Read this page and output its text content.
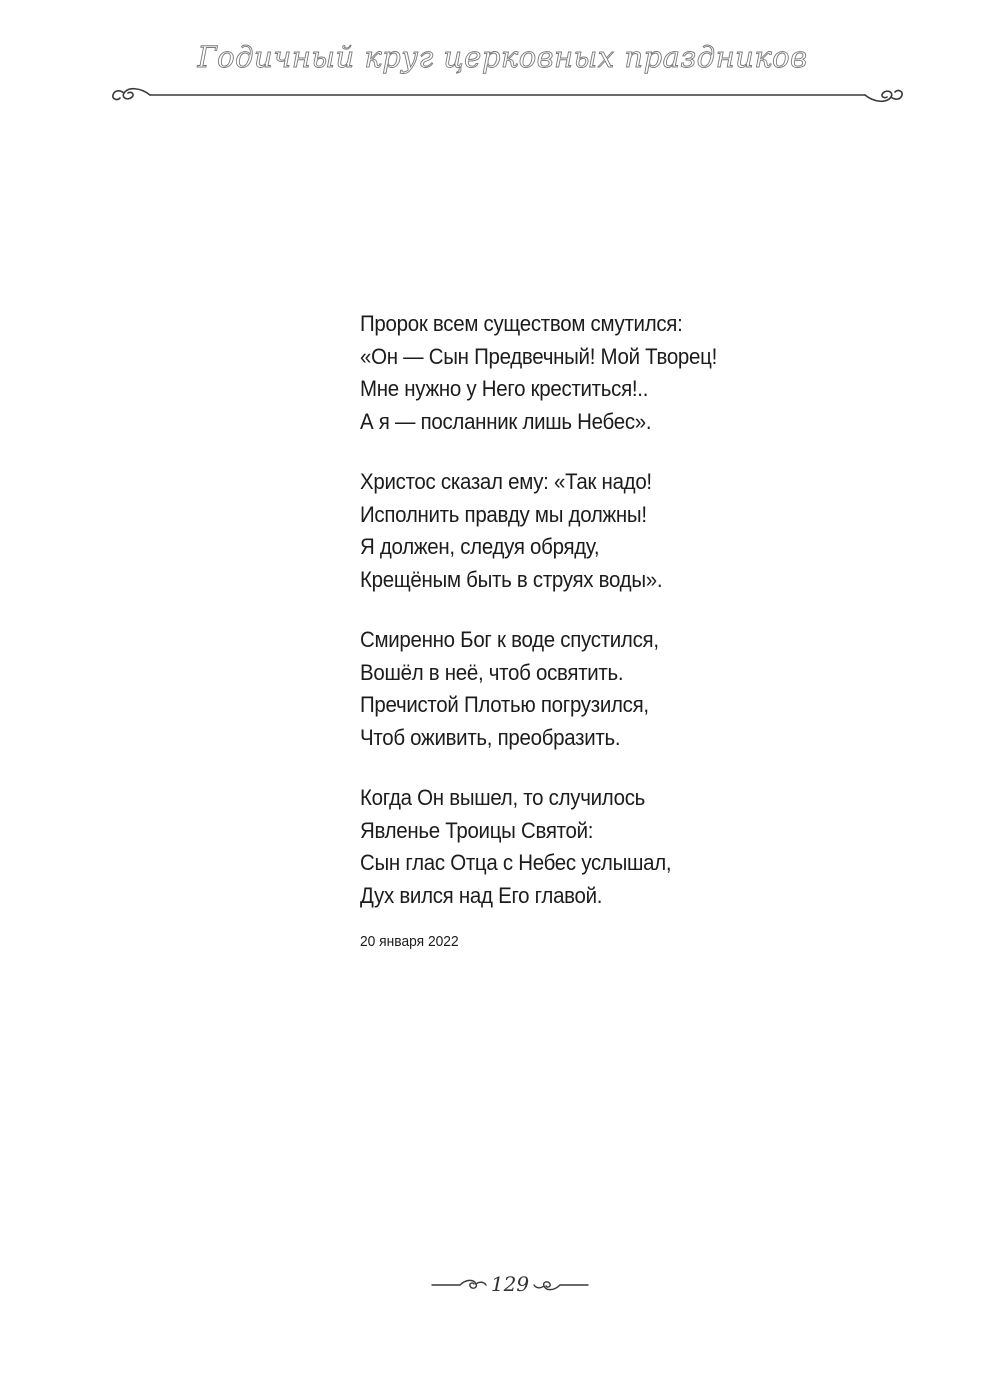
Годичный круг церковных праздников
Пророк всем существом смутился:
«Он — Сын Предвечный! Мой Творец!
Мне нужно у Него креститься!..
А я — посланник лишь Небес».
Христос сказал ему: «Так надо!
Исполнить правду мы должны!
Я должен, следуя обряду,
Крещёным быть в струях воды».
Смиренно Бог к воде спустился,
Вошёл в неё, чтоб освятить.
Пречистой Плотью погрузился,
Чтоб оживить, преобразить.
Когда Он вышел, то случилось
Явленье Троицы Святой:
Сын глас Отца с Небес услышал,
Дух вился над Его главой.
20 января 2022
129
